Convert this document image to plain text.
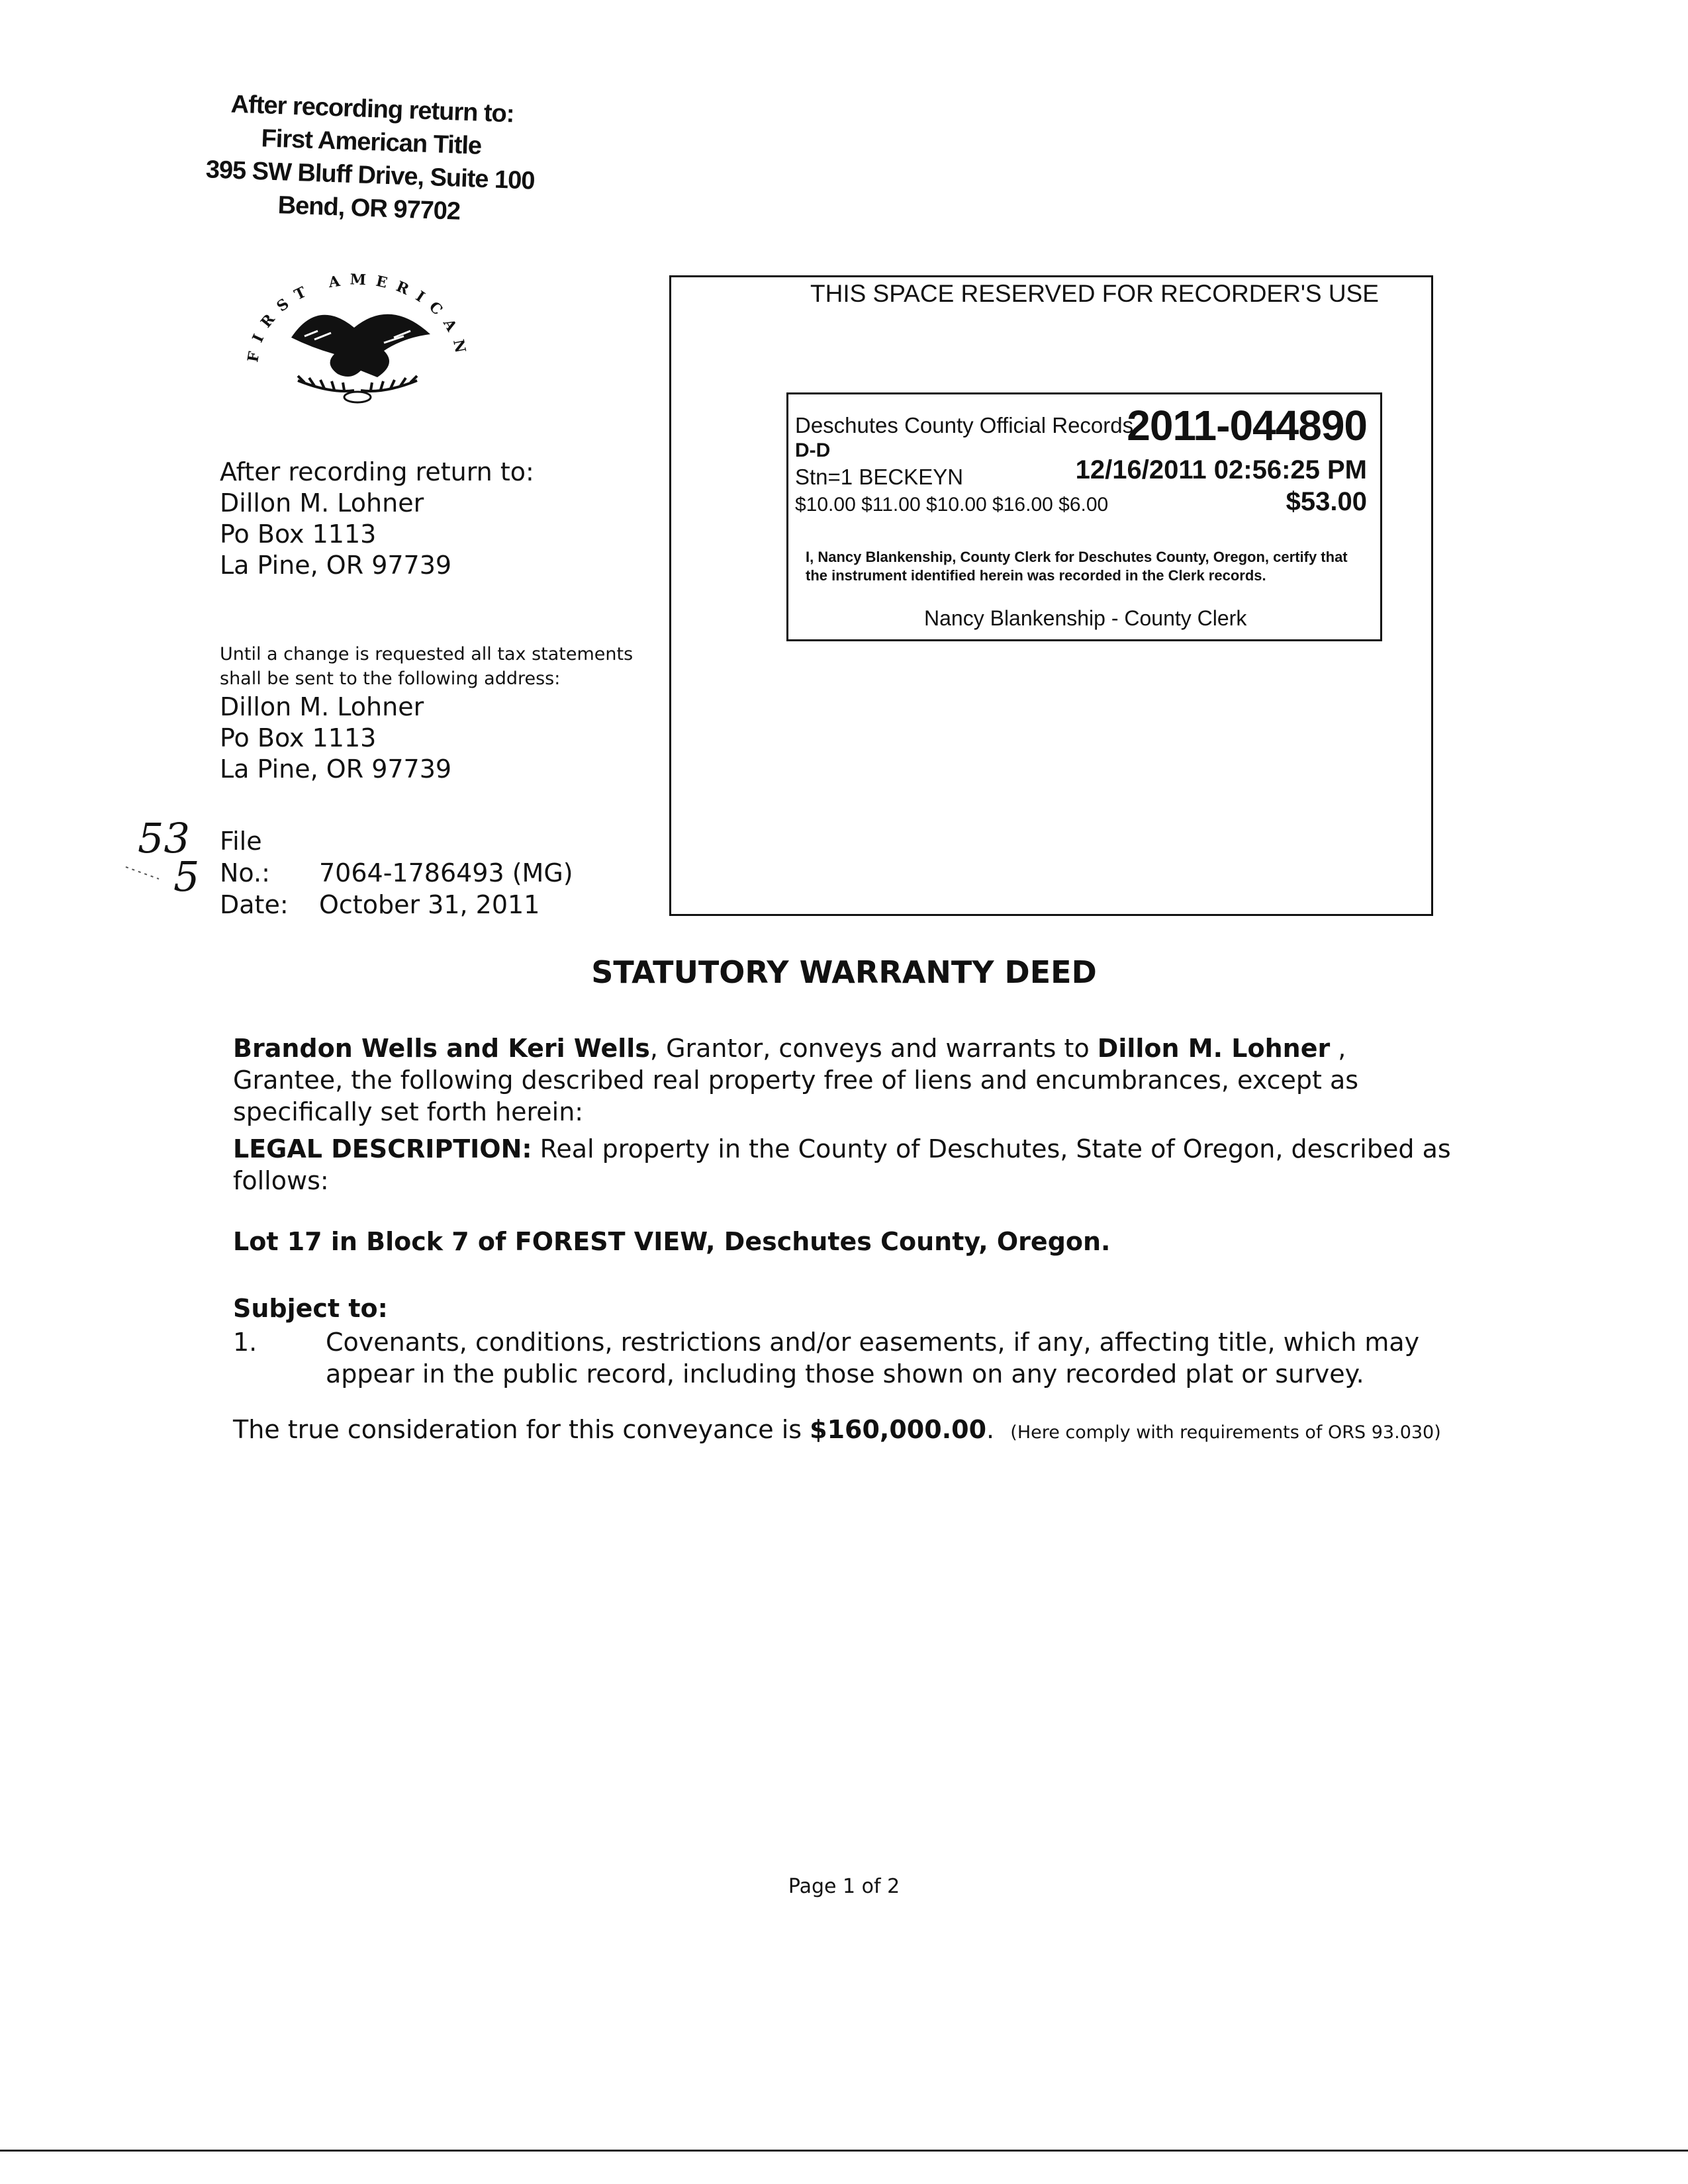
After recording return to:
First American Title
395 SW Bluff Drive, Suite 100
Bend, OR 97702
FIRST AMERICAN
After recording return to:
Dillon M. Lohner
Po Box 1113
La Pine, OR 97739
Until a change is requested all tax statements
shall be sent to the following address:
Dillon M. Lohner
Po Box 1113
La Pine, OR 97739
53
5
File No.: 7064-1786493 (MG)
Date: October 31, 2011
THIS SPACE RESERVED FOR RECORDER'S USE
Deschutes County Official Records
2011-044890
D-D
Stn=1 BECKEYN	12/16/2011 02:56:25 PM
$10.00 $11.00 $10.00 $16.00 $6.00	$53.00
I, Nancy Blankenship, County Clerk for Deschutes County, Oregon, certify that the instrument identified herein was recorded in the Clerk records.
Nancy Blankenship - County Clerk
STATUTORY WARRANTY DEED
Brandon Wells and Keri Wells, Grantor, conveys and warrants to Dillon M. Lohner , Grantee, the following described real property free of liens and encumbrances, except as specifically set forth herein:
LEGAL DESCRIPTION: Real property in the County of Deschutes, State of Oregon, described as follows:
Lot 17 in Block 7 of FOREST VIEW, Deschutes County, Oregon.
Subject to:
1.	Covenants, conditions, restrictions and/or easements, if any, affecting title, which may appear in the public record, including those shown on any recorded plat or survey.
The true consideration for this conveyance is $160,000.00. (Here comply with requirements of ORS 93.030)
Page 1 of 2
